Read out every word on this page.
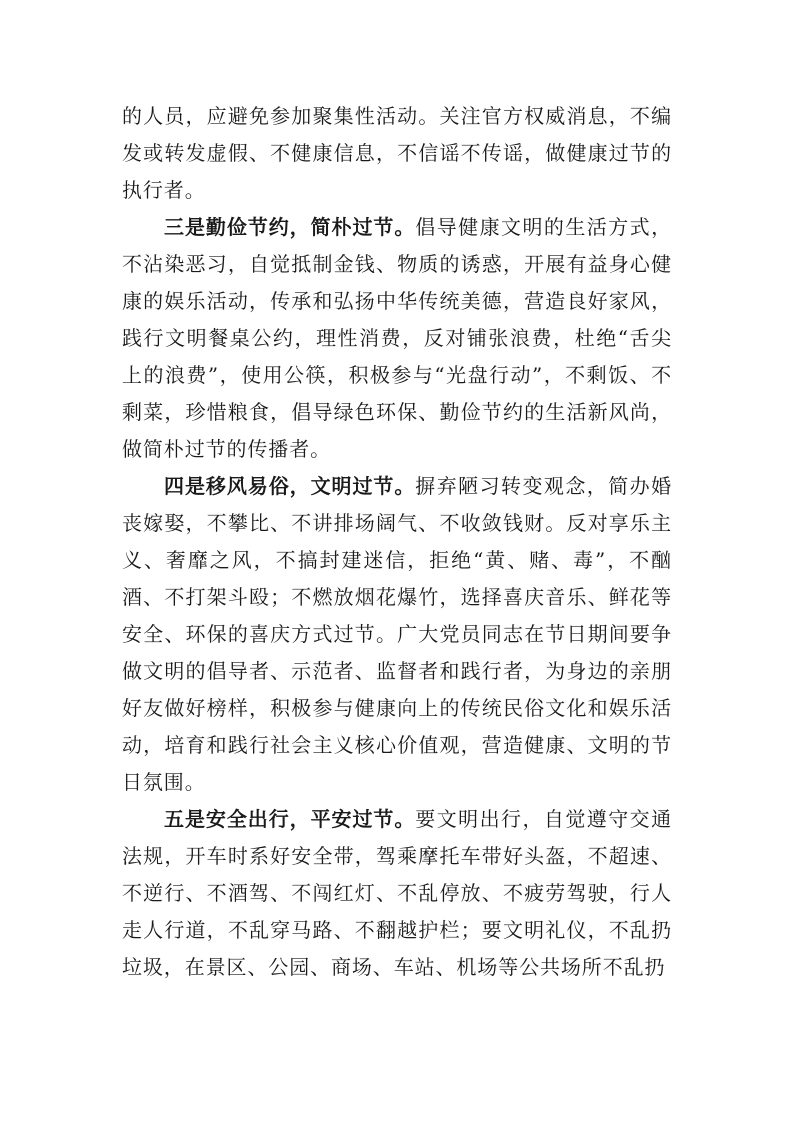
的人员，应避免参加聚集性活动。关注官方权威消息，不编发或转发虚假、不健康信息，不信谣不传谣，做健康过节的执行者。

三是勤俭节约，简朴过节。倡导健康文明的生活方式，不沾染恶习，自觉抵制金钱、物质的诱惑，开展有益身心健康的娱乐活动，传承和弘扬中华传统美德，营造良好家风，践行文明餐桌公约，理性消费，反对铺张浪费，杜绝“舌尖上的浪费”，使用公筷，积极参与“光盘行动”，不剩饭、不剩菜，珍惜粮食，倡导绿色环保、勤俭节约的生活新风尚，做简朴过节的传播者。

四是移风易俗，文明过节。摒弃陋习转变观念，简办婚丧嫁娶，不攀比、不讲排场阔气、不收敛钱财。反对享乐主义、奢靡之风，不搞封建迷信，拒绝“黄、赌、毒”，不酗酒、不打架斗殴；不燃放烟花爆竹，选择喜庆音乐、鲜花等安全、环保的喜庆方式过节。广大党员同志在节日期间要争做文明的倡导者、示范者、监督者和践行者，为身边的亲朋好友做好榜样，积极参与健康向上的传统民俗文化和娱乐活动，培育和践行社会主义核心价值观，营造健康、文明的节日氛围。

五是安全出行，平安过节。要文明出行，自觉遵守交通法规，开车时系好安全带，驾乘摩托车带好头盔，不超速、不逆行、不酒驾、不闯红灯、不乱停放、不疲劳驾驶，行人走人行道，不乱穿马路、不翻越护栏；要文明礼仪，不乱扔垃圾，在景区、公园、商场、车站、机场等公共场所不乱扔
